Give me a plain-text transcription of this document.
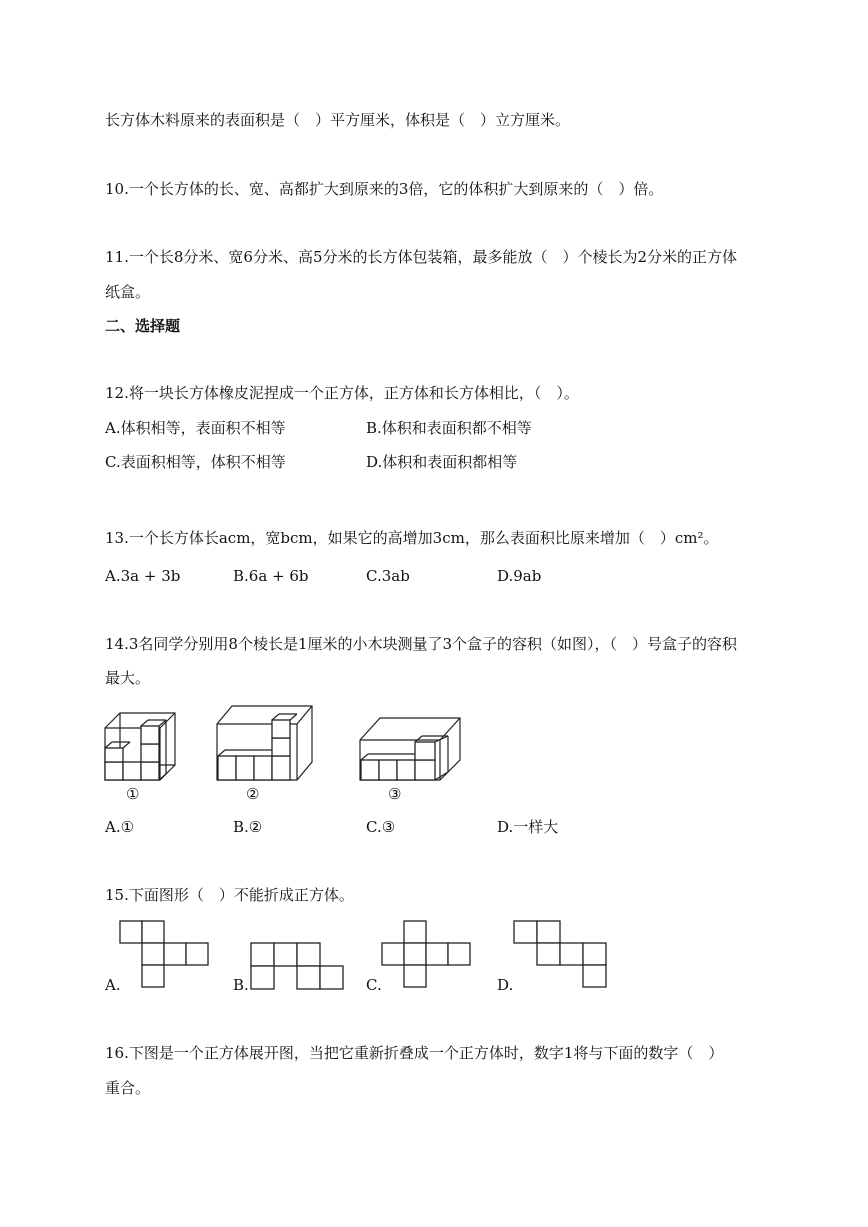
长方体木料原来的表面积是（　）平方厘米，体积是（　）立方厘米。
10.一个长方体的长、宽、高都扩大到原来的3倍，它的体积扩大到原来的（　）倍。
11.一个长8分米、宽6分米、高5分米的长方体包装箱，最多能放（　）个棱长为2分米的正方体
纸盒。
二、选择题
12.将一块长方体橡皮泥捏成一个正方体，正方体和长方体相比，（　）。
A.体积相等，表面积不相等	B.体积和表面积都不相等
C.表面积相等，体积不相等	D.体积和表面积都相等
13.一个长方体长acm，宽bcm，如果它的高增加3cm，那么表面积比原来增加（　）cm²。
A.3a + 3b	B.6a + 6b	C.3ab	D.9ab
14.3名同学分别用8个棱长是1厘米的小木块测量了3个盒子的容积（如图），（　）号盒子的容积
最大。
①	②	③
A.①	B.②	C.③	D.一样大
15.下面图形（　）不能折成正方体。
A.	B.	C.	D.
16.下图是一个正方体展开图，当把它重新折叠成一个正方体时，数字1将与下面的数字（　）
重合。
